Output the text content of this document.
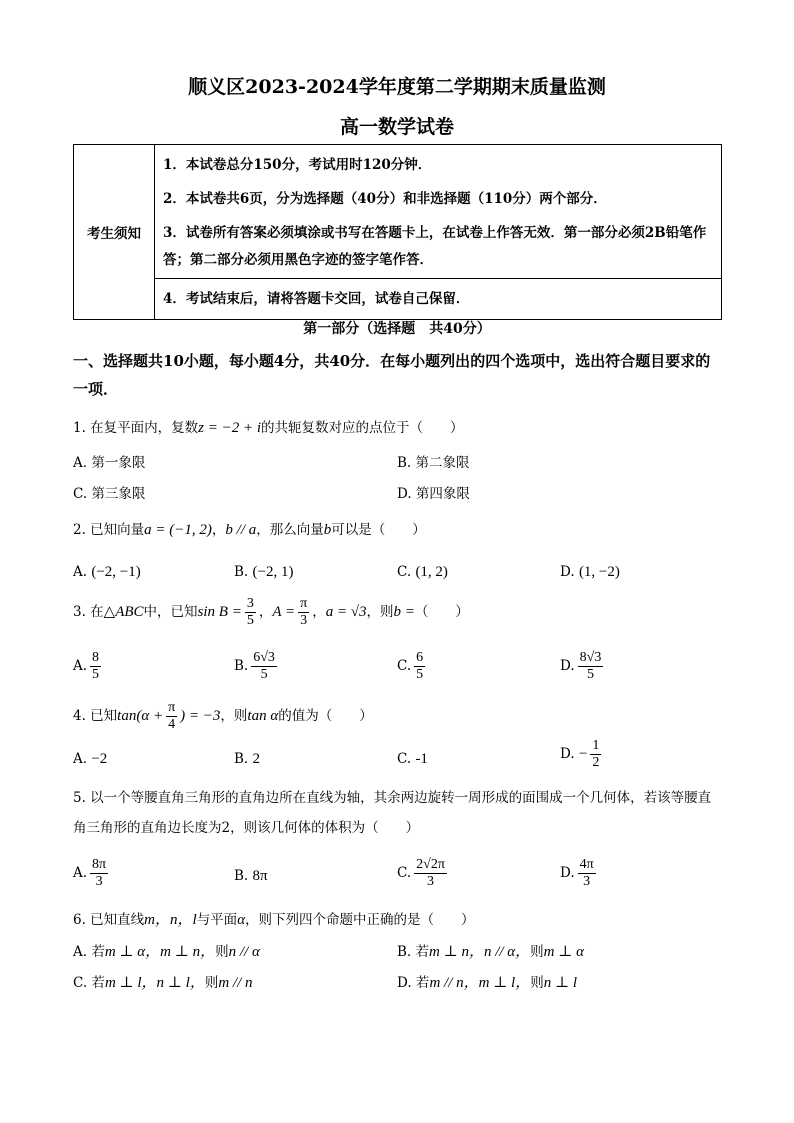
顺义区2023-2024学年度第二学期期末质量监测
高一数学试卷
考生须知	
1．本试卷总分150分，考试用时120分钟．
2．本试卷共6页，分为选择题（40分）和非选择题（110分）两个部分．
3．试卷所有答案必须填涂或书写在答题卡上，在试卷上作答无效．第一部分必须2B铅笔作答；第二部分必须用黑色字迹的签字笔作答．
4．考试结束后，请将答题卡交回，试卷自己保留．
第一部分（选择题　共40分）
一、选择题共10小题，每小题4分，共40分．在每小题列出的四个选项中，选出符合题目要求的一项．
1. 在复平面内，复数z = −2 + i的共轭复数对应的点位于（　　）
A. 第一象限	B. 第二象限
C. 第三象限	D. 第四象限
2. 已知向量a = (−1, 2)，b // a，那么向量b可以是（　　）
A. (−2, −1)	B. (−2, 1)	C. (1, 2)	D. (1, −2)
3. 在△ABC中，已知$\sin B = \frac{3}{5}$ ，$A = \frac{\pi}{3}$ ，a = √3，则b =（　　）
A. $\frac{8}{5}$	B. $\frac{6√3}{5}$	C. $\frac{6}{5}$	D. $\frac{8√3}{5}$
4. 已知$\tan(\alpha + \frac{\pi}{4}$ ) = −3，则tan α的值为（　　）
A. −2	B. 2	C. -1	D. − $\frac{1}{2}$
5. 以一个等腰直角三角形的直角边所在直线为轴，其余两边旋转一周形成的面围成一个几何体，若该等腰直角三角形的直角边长度为2，则该几何体的体积为（　　）
A. $\frac{8\pi}{3}$	B. 8π	C. $\frac{2√2\pi}{3}$	D. $\frac{4\pi}{3}$
6. 已知直线m，n，l与平面α，则下列四个命题中正确的是（　　）
A. 若m ⊥ α，m ⊥ n，则n // α	B. 若m ⊥ n，n // α，则m ⊥ α
C. 若m ⊥ l，n ⊥ l，则m // n	D. 若m // n，m ⊥ l，则n ⊥ l
